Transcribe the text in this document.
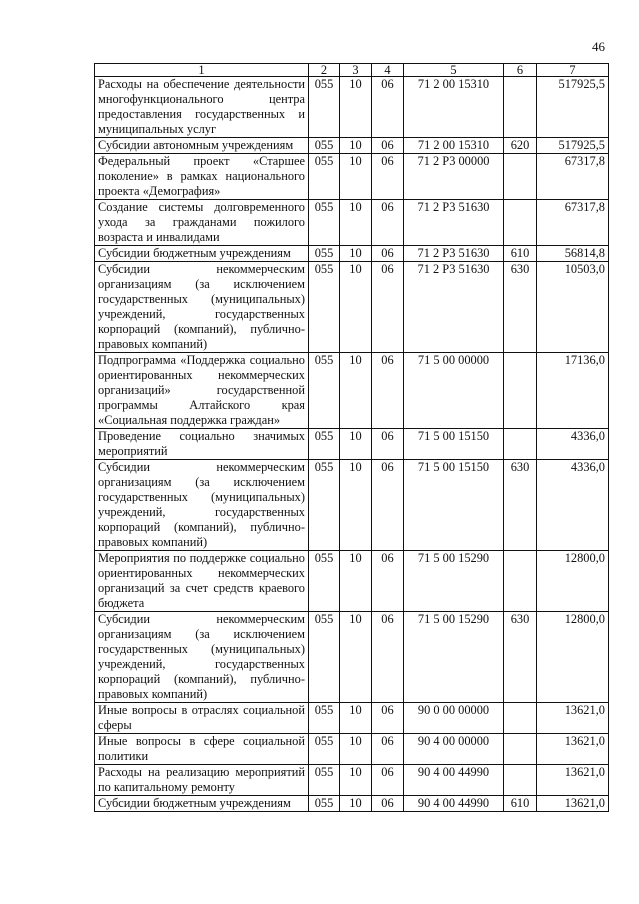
46
1	2	3	4	5	6	7
Расходы на обеспечение деятельности многофункционального центра предоставления государственных и муниципальных услуг	055	10	06	71 2 00 15310		517925,5
Субсидии автономным учреждениям	055	10	06	71 2 00 15310	620	517925,5
Федеральный проект «Старшее поколение» в рамках национального проекта «Демография»	055	10	06	71 2 P3 00000		67317,8
Создание системы долговременного ухода за гражданами пожилого возраста и инвалидами	055	10	06	71 2 P3 51630		67317,8
Субсидии бюджетным учреждениям	055	10	06	71 2 P3 51630	610	56814,8
Субсидии некоммерческим организациям (за исключением государственных (муниципальных) учреждений, государственных корпораций (компаний), публично-правовых компаний)	055	10	06	71 2 P3 51630	630	10503,0
Подпрограмма «Поддержка социально ориентированных некоммерческих организаций» государственной программы Алтайского края «Социальная поддержка граждан»	055	10	06	71 5 00 00000		17136,0
Проведение социально значимых мероприятий	055	10	06	71 5 00 15150		4336,0
Субсидии некоммерческим организациям (за исключением государственных (муниципальных) учреждений, государственных корпораций (компаний), публично-правовых компаний)	055	10	06	71 5 00 15150	630	4336,0
Мероприятия по поддержке социально ориентированных некоммерческих организаций за счет средств краевого бюджета	055	10	06	71 5 00 15290		12800,0
Субсидии некоммерческим организациям (за исключением государственных (муниципальных) учреждений, государственных корпораций (компаний), публично-правовых компаний)	055	10	06	71 5 00 15290	630	12800,0
Иные вопросы в отраслях социальной сферы	055	10	06	90 0 00 00000		13621,0
Иные вопросы в сфере социальной политики	055	10	06	90 4 00 00000		13621,0
Расходы на реализацию мероприятий по капитальному ремонту	055	10	06	90 4 00 44990		13621,0
Субсидии бюджетным учреждениям	055	10	06	90 4 00 44990	610	13621,0
